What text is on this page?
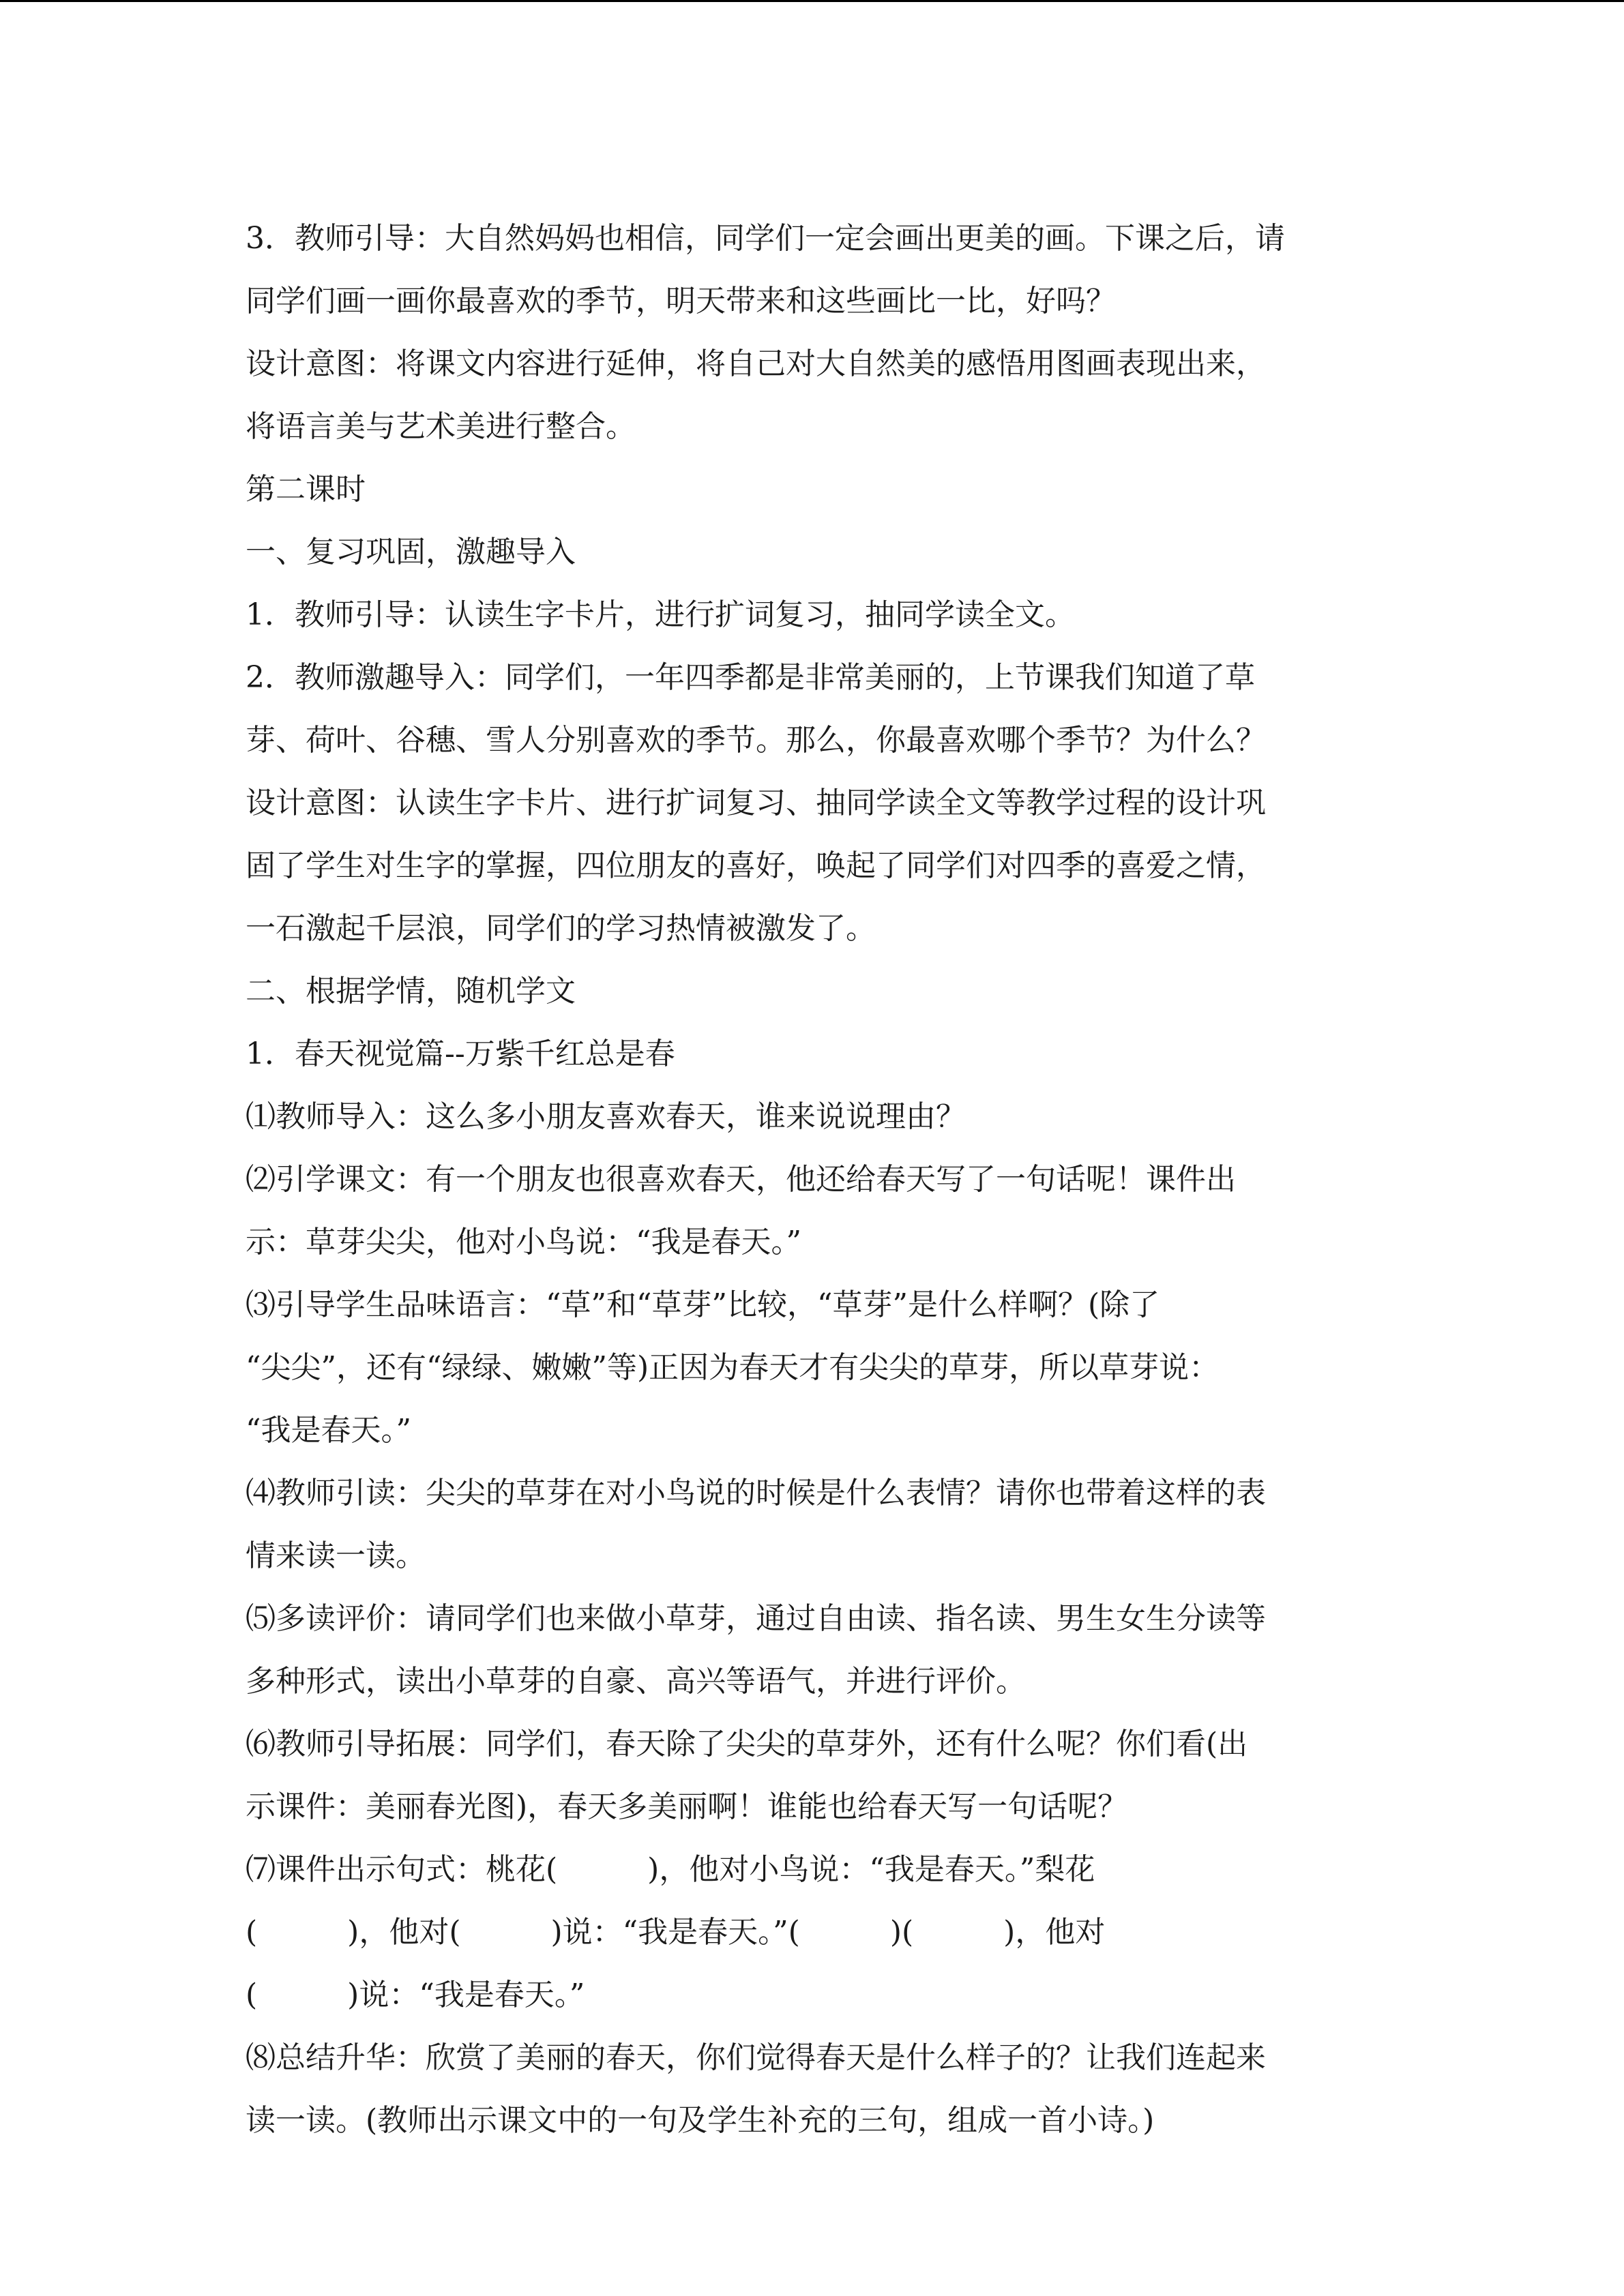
3．教师引导：大自然妈妈也相信，同学们一定会画出更美的画。下课之后，请
同学们画一画你最喜欢的季节，明天带来和这些画比一比，好吗？
设计意图：将课文内容进行延伸，将自己对大自然美的感悟用图画表现出来，
将语言美与艺术美进行整合。
第二课时
一、复习巩固，激趣导入
1．教师引导：认读生字卡片，进行扩词复习，抽同学读全文。
2．教师激趣导入：同学们，一年四季都是非常美丽的，上节课我们知道了草
芽、荷叶、谷穗、雪人分别喜欢的季节。那么，你最喜欢哪个季节？为什么？
设计意图：认读生字卡片、进行扩词复习、抽同学读全文等教学过程的设计巩
固了学生对生字的掌握，四位朋友的喜好，唤起了同学们对四季的喜爱之情，
一石激起千层浪，同学们的学习热情被激发了。
二、根据学情，随机学文
1．春天视觉篇--万紫千红总是春
⑴教师导入：这么多小朋友喜欢春天，谁来说说理由？
⑵引学课文：有一个朋友也很喜欢春天，他还给春天写了一句话呢！课件出
示：草芽尖尖，他对小鸟说：“我是春天。”
⑶引导学生品味语言：“草”和“草芽”比较，“草芽”是什么样啊？(除了
“尖尖”，还有“绿绿、嫩嫩”等)正因为春天才有尖尖的草芽，所以草芽说：
“我是春天。”
⑷教师引读：尖尖的草芽在对小鸟说的时候是什么表情？请你也带着这样的表
情来读一读。
⑸多读评价：请同学们也来做小草芽，通过自由读、指名读、男生女生分读等
多种形式，读出小草芽的自豪、高兴等语气，并进行评价。
⑹教师引导拓展：同学们，春天除了尖尖的草芽外，还有什么呢？你们看(出
示课件：美丽春光图)，春天多美丽啊！谁能也给春天写一句话呢？
⑺课件出示句式：桃花(　　　)，他对小鸟说：“我是春天。”梨花
(　　　)，他对(　　　)说：“我是春天。”(　　　)(　　　)，他对
(　　　)说：“我是春天。”
⑻总结升华：欣赏了美丽的春天，你们觉得春天是什么样子的？让我们连起来
读一读。(教师出示课文中的一句及学生补充的三句，组成一首小诗。)
